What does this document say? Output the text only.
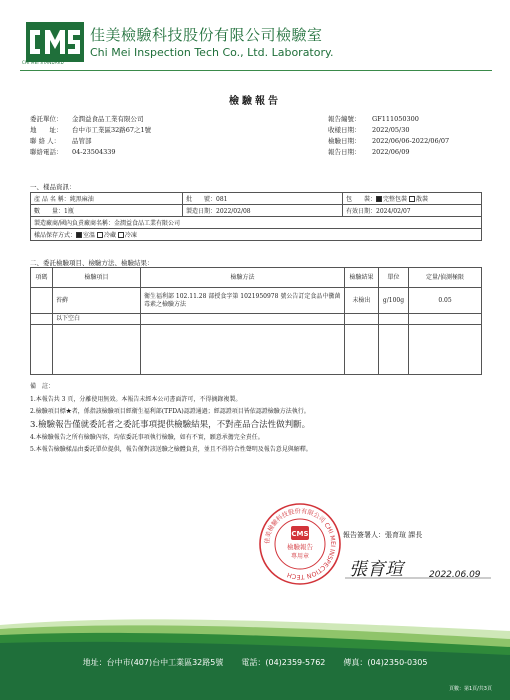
CHI MEI STANDARD
佳美檢驗科技股份有限公司檢驗室
Chi Mei Inspection Tech Co., Ltd. Laboratory.
檢驗報告
委託單位：	金潤益食品工業有限公司
地　　址：	台中市工業區32路67之1號
聯 絡 人：	品管部
聯絡電話：	04-23504339
報告編號：	GF111050300
收樣日期：	2022/05/30
檢驗日期：	2022/06/06-2022/06/07
報告日期：	2022/06/09
一、樣品資訊：
產 品 名 稱：純黑麻油	批　　號：081	包　　裝： 完整包裝 散裝
數　　量：1瓶	製造日期：2022/02/08	有效日期：2024/02/07
製造廠商/國內負責廠商名稱：金潤益食品工業有限公司		
樣品保存方式： 室溫 冷藏 冷凍		
二、委託檢驗項目、檢驗方法、檢驗結果：
項碼	檢驗項目	檢驗方法	檢驗結果	單位	定量/偵測極限
	苔蘚	衛生福利部 102.11.28 部授食字第 1021950978 號公告訂定食品中黴菌毒素之檢驗方法	未檢出	g/100g	0.05
	以下空白				

備　註：
1.本報告共 3 頁，分離使用無效。本報告未經本公司書面許可，不得摘錄複製。
2.檢驗項目標★者，係指該檢驗項目經衛生福利部(TFDA)認證通過；經認證項目皆依認證檢驗方法執行。
3.檢驗報告僅就委託者之委託事項提供檢驗結果，不對產品合法性做判斷。
4.本檢驗報告之所有檢驗內容，均依委託事項執行檢驗，如有不實，願意承擔完全責任。
5.本報告檢驗樣品由委託單位提供，報告僅對該送驗之檢體負責，並且不得符合性聲明及報告意見與解釋。
佳美檢驗科技股份有限公司 CHI MEI INSPECTION TECH
CMS
檢驗報告
專用章
報告簽署人：張育瑄 課長
張育瑄	2022.06.09
地址：台中市(407)台中工業區32路5號 電話：(04)2359-5762 傳真：(04)2350-0305
頁數：第1頁/共3頁
